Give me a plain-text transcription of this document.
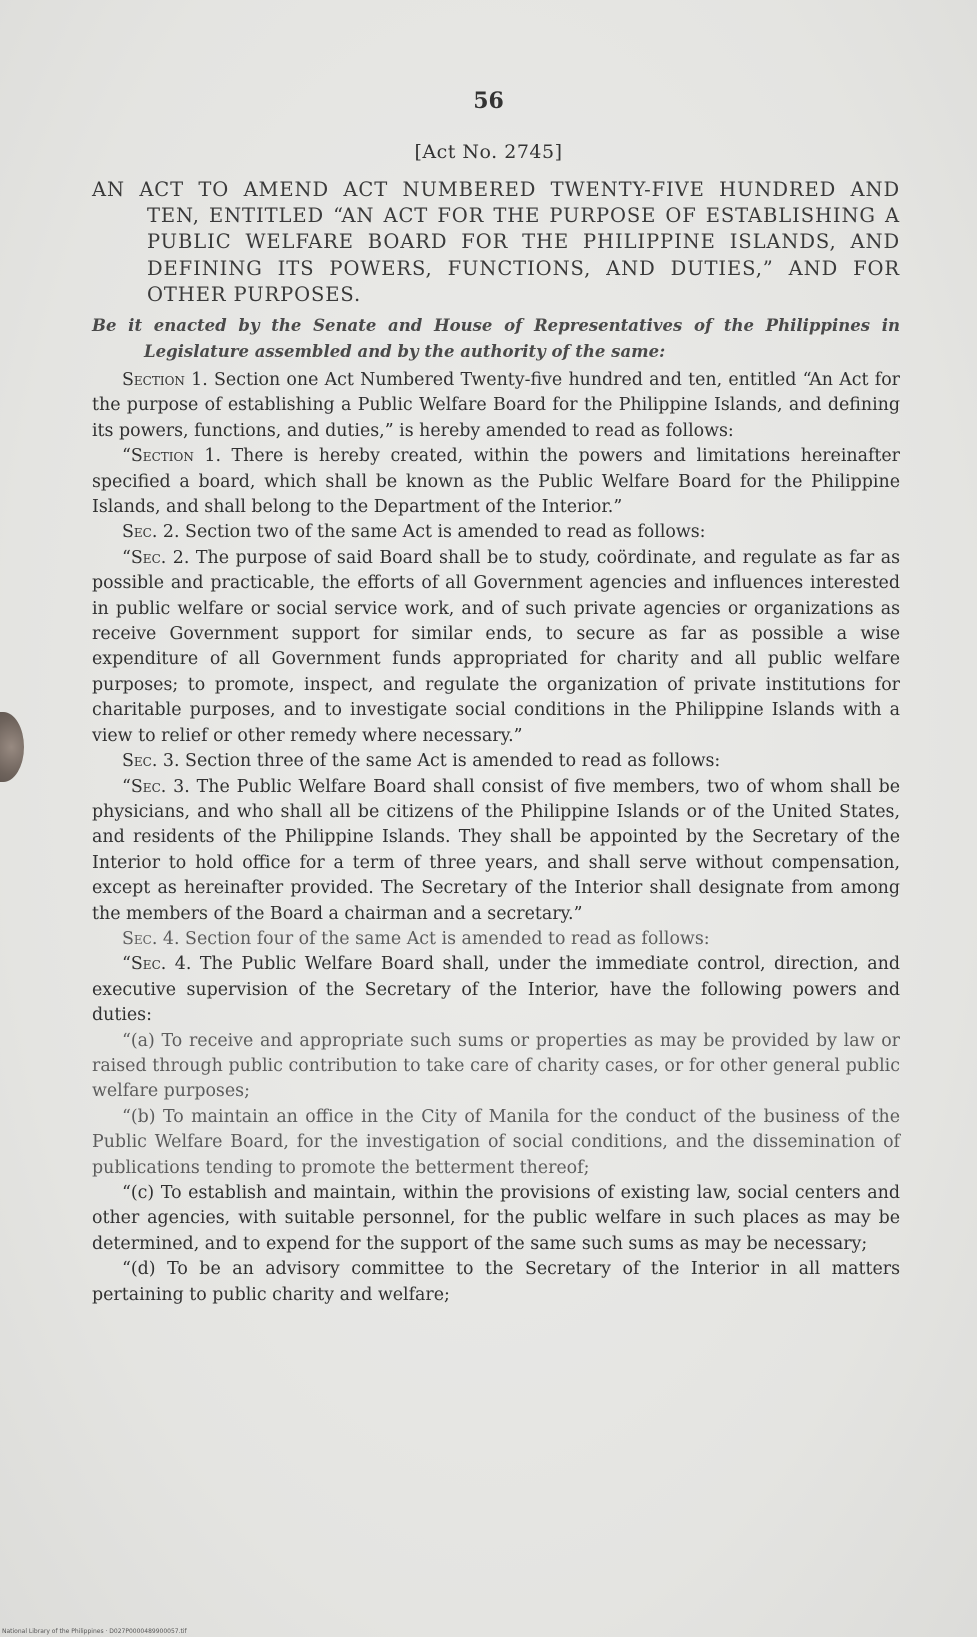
56
[Act No. 2745]
AN ACT TO AMEND ACT NUMBERED TWENTY-FIVE HUNDRED AND TEN, ENTITLED “AN ACT FOR THE PURPOSE OF ESTABLISHING A PUBLIC WELFARE BOARD FOR THE PHILIPPINE ISLANDS, AND DEFINING ITS POWERS, FUNCTIONS, AND DUTIES,” AND FOR OTHER PURPOSES.
Be it enacted by the Senate and House of Representatives of the Philippines in Legislature assembled and by the authority of the same:

Section 1. Section one Act Numbered Twenty-five hundred and ten, entitled “An Act for the purpose of establishing a Public Welfare Board for the Philippine Islands, and defining its powers, functions, and duties,” is hereby amended to read as follows:

“Section 1. There is hereby created, within the powers and limitations hereinafter specified a board, which shall be known as the Public Welfare Board for the Philippine Islands, and shall belong to the Department of the Interior.”

Sec. 2. Section two of the same Act is amended to read as follows:

“Sec. 2. The purpose of said Board shall be to study, coördinate, and regulate as far as possible and practicable, the efforts of all Government agencies and influences interested in public welfare or social service work, and of such private agencies or organizations as receive Government support for similar ends, to secure as far as possible a wise expenditure of all Government funds appropriated for charity and all public welfare purposes; to promote, inspect, and regulate the organization of private institutions for charitable purposes, and to investigate social conditions in the Philippine Islands with a view to relief or other remedy where necessary.”

Sec. 3. Section three of the same Act is amended to read as follows:

“Sec. 3. The Public Welfare Board shall consist of five members, two of whom shall be physicians, and who shall all be citizens of the Philippine Islands or of the United States, and residents of the Philippine Islands. They shall be appointed by the Secretary of the Interior to hold office for a term of three years, and shall serve without compensation, except as hereinafter provided. The Secretary of the Interior shall designate from among the members of the Board a chairman and a secretary.”

Sec. 4. Section four of the same Act is amended to read as follows:

“Sec. 4. The Public Welfare Board shall, under the immediate control, direction, and executive supervision of the Secretary of the Interior, have the following powers and duties:

“(a) To receive and appropriate such sums or properties as may be provided by law or raised through public contribution to take care of charity cases, or for other general public welfare purposes;

“(b) To maintain an office in the City of Manila for the conduct of the business of the Public Welfare Board, for the investigation of social conditions, and the dissemination of publications tending to promote the betterment thereof;

“(c) To establish and maintain, within the provisions of existing law, social centers and other agencies, with suitable personnel, for the public welfare in such places as may be determined, and to expend for the support of the same such sums as may be necessary;

“(d) To be an advisory committee to the Secretary of the Interior in all matters pertaining to public charity and welfare;

National Library of the Philippines · D027P0000489900057.tif
